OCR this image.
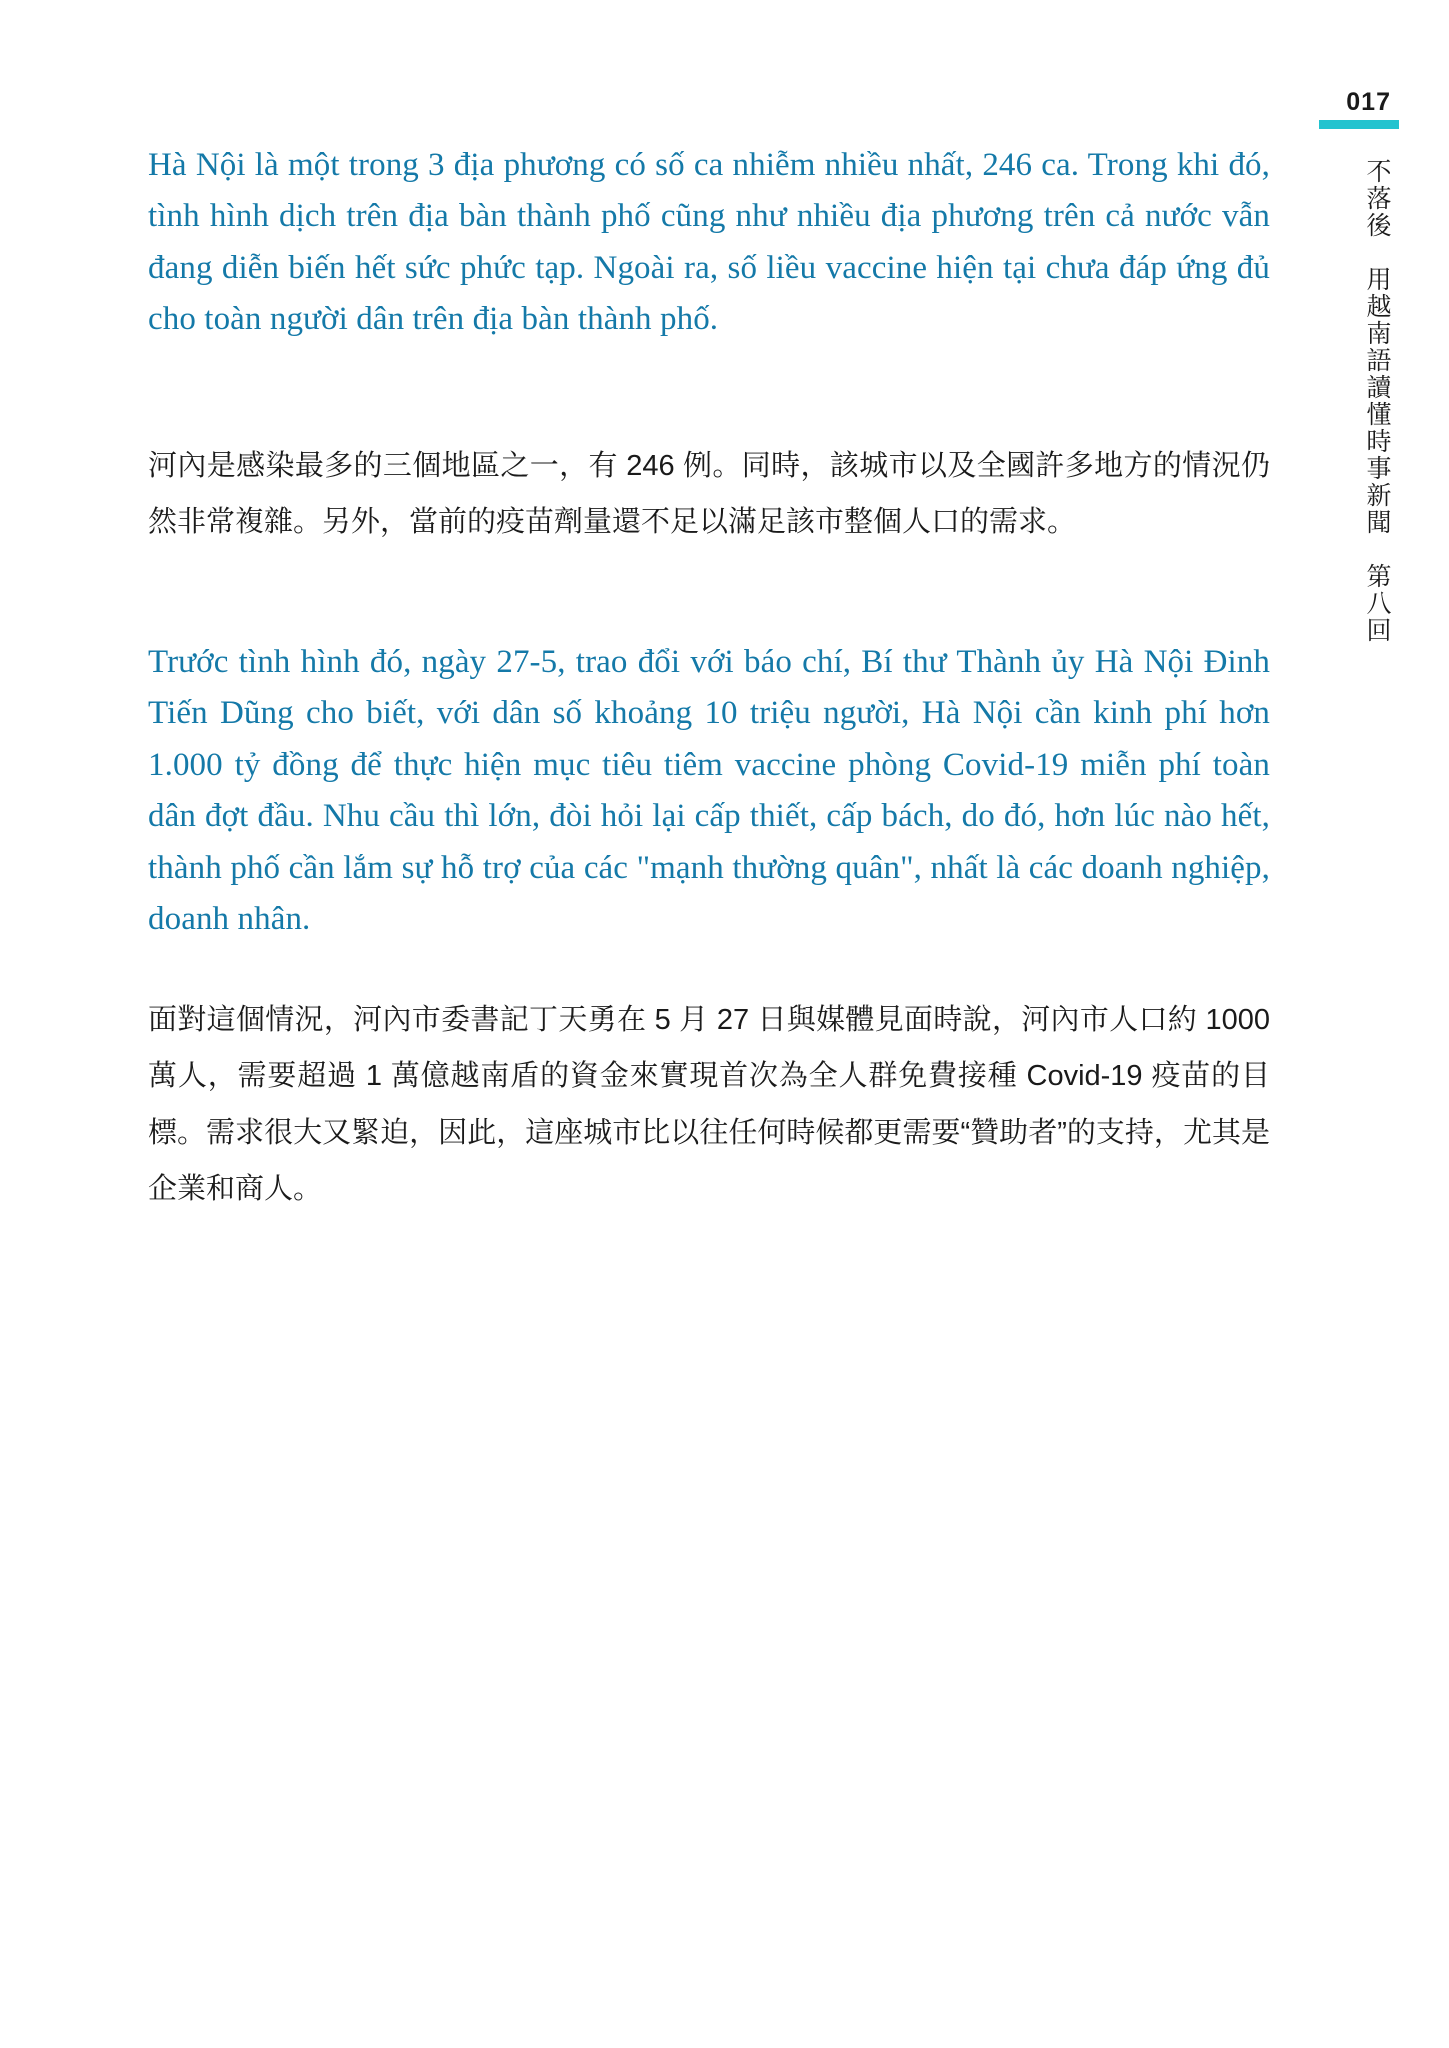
017
不落後　用越南語讀懂時事新聞　第八回

Hà Nội là một trong 3 địa phương có số ca nhiễm nhiều nhất, 246 ca. Trong khi đó, tình hình dịch trên địa bàn thành phố cũng như nhiều địa phương trên cả nước vẫn đang diễn biến hết sức phức tạp. Ngoài ra, số liều vaccine hiện tại chưa đáp ứng đủ cho toàn người dân trên địa bàn thành phố.

河內是感染最多的三個地區之一，有 246 例。同時，該城市以及全國許多地方的情況仍然非常複雜。另外，當前的疫苗劑量還不足以滿足該市整個人口的需求。

Trước tình hình đó, ngày 27-5, trao đổi với báo chí, Bí thư Thành ủy Hà Nội Đinh Tiến Dũng cho biết, với dân số khoảng 10 triệu người, Hà Nội cần kinh phí hơn 1.000 tỷ đồng để thực hiện mục tiêu tiêm vaccine phòng Covid-19 miễn phí toàn dân đợt đầu. Nhu cầu thì lớn, đòi hỏi lại cấp thiết, cấp bách, do đó, hơn lúc nào hết, thành phố cần lắm sự hỗ trợ của các "mạnh thường quân", nhất là các doanh nghiệp, doanh nhân.

面對這個情況，河內市委書記丁天勇在 5 月 27 日與媒體見面時說，河內市人口約 1000 萬人，需要超過 1 萬億越南盾的資金來實現首次為全人群免費接種 Covid-19 疫苗的目標。需求很大又緊迫，因此，這座城市比以往任何時候都更需要“贊助者”的支持，尤其是企業和商人。
